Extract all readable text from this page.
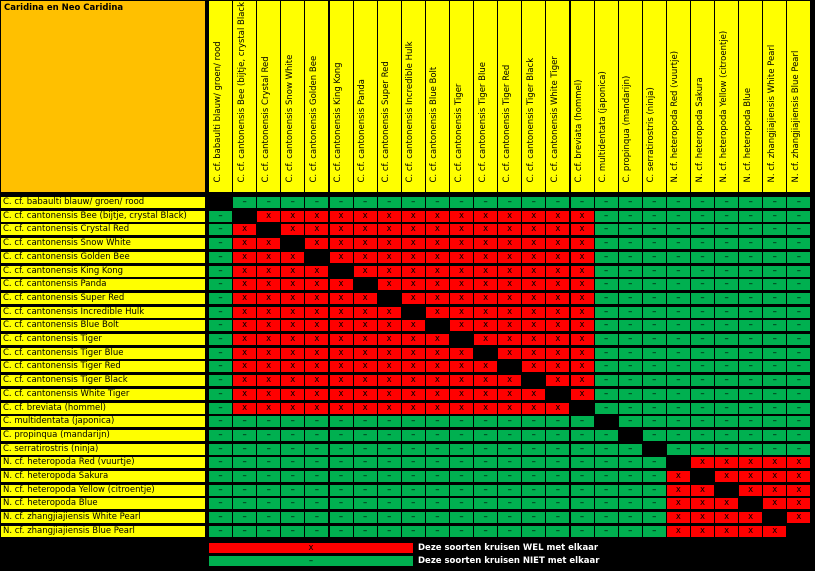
Caridina en Neo Caridina
C. cf. babaulti blauw/ groen/ rood C. cf. cantonensis Bee (bijtje, crystal Black C. cf. cantonensis Crystal Red C. cf. cantonensis Snow White C. cf. cantonensis Golden Bee C. cf. cantonensis King Kong C. cf. cantonensis Panda C. cf. cantonensis Super Red C. cf. cantonensis Incredible Hulk C. cf. cantonensis Blue Bolt C. cf. cantonensis Tiger C. cf. cantonensis Tiger Blue C. cf. cantonensis Tiger Red C. cf. cantonensis Tiger Black C. cf. cantonensis White Tiger C. cf. breviata (hommel) C. multidentata (japonica) C. propinqua (mandarijn) C. serratirostris (ninja) N. cf. heteropoda Red (vuurtje) N. cf. heteropoda Sakura N. cf. heteropoda Yellow (citroentje) N. cf. heteropoda Blue N. cf. zhangjiajiensis White Pearl N. cf. zhangjiajiensis Blue Pearl
C. cf. babaulti blauw/ groen/ rood	–	–	–	–	–	–	–	–	–	–	–	–	–	–	–	–	–	–	–	–	–	–	–	–
C. cf. cantonensis Bee (bijtje, crystal Black)	–	x	x	x	x	x	x	x	x	x	x	x	x	x	x	–	–	–	–	–	–	–	–	–
C. cf. cantonensis Crystal Red	–	x	x	x	x	x	x	x	x	x	x	x	x	x	x	–	–	–	–	–	–	–	–	–
C. cf. cantonensis Snow White	–	x	x	x	x	x	x	x	x	x	x	x	x	x	x	–	–	–	–	–	–	–	–	–
C. cf. cantonensis Golden Bee	–	x	x	x	x	x	x	x	x	x	x	x	x	x	x	–	–	–	–	–	–	–	–	–
C. cf. cantonensis King Kong	–	x	x	x	x	x	x	x	x	x	x	x	x	x	x	–	–	–	–	–	–	–	–	–
C. cf. cantonensis Panda	–	x	x	x	x	x	x	x	x	x	x	x	x	x	x	–	–	–	–	–	–	–	–	–
C. cf. cantonensis Super Red	–	x	x	x	x	x	x	x	x	x	x	x	x	x	x	–	–	–	–	–	–	–	–	–
C. cf. cantonensis Incredible Hulk	–	x	x	x	x	x	x	x	x	x	x	x	x	x	x	–	–	–	–	–	–	–	–	–
C. cf. cantonensis Blue Bolt	–	x	x	x	x	x	x	x	x	x	x	x	x	x	x	–	–	–	–	–	–	–	–	–
C. cf. cantonensis Tiger	–	x	x	x	x	x	x	x	x	x	x	x	x	x	x	–	–	–	–	–	–	–	–	–
C. cf. cantonensis Tiger Blue	–	x	x	x	x	x	x	x	x	x	x	x	x	x	x	–	–	–	–	–	–	–	–	–
C. cf. cantonensis Tiger Red	–	x	x	x	x	x	x	x	x	x	x	x	x	x	x	–	–	–	–	–	–	–	–	–
C. cf. cantonensis Tiger Black	–	x	x	x	x	x	x	x	x	x	x	x	x	x	x	–	–	–	–	–	–	–	–	–
C. cf. cantonensis White Tiger	–	x	x	x	x	x	x	x	x	x	x	x	x	x	x	–	–	–	–	–	–	–	–	–
C. cf. breviata (hommel)	–	x	x	x	x	x	x	x	x	x	x	x	x	x	x	–	–	–	–	–	–	–	–	–
C. multidentata (japonica)	–	–	–	–	–	–	–	–	–	–	–	–	–	–	–	–	–	–	–	–	–	–	–	–
C. propinqua (mandarijn)	–	–	–	–	–	–	–	–	–	–	–	–	–	–	–	–	–	–	–	–	–	–	–	–
C. serratirostris (ninja)	–	–	–	–	–	–	–	–	–	–	–	–	–	–	–	–	–	–	–	–	–	–	–	–
N. cf. heteropoda Red (vuurtje)	–	–	–	–	–	–	–	–	–	–	–	–	–	–	–	–	–	–	–	x	x	x	x	x
N. cf. heteropoda Sakura	–	–	–	–	–	–	–	–	–	–	–	–	–	–	–	–	–	–	–	x	x	x	x	x
N. cf. heteropoda Yellow (citroentje)	–	–	–	–	–	–	–	–	–	–	–	–	–	–	–	–	–	–	–	x	x	x	x	x
N. cf. heteropoda Blue	–	–	–	–	–	–	–	–	–	–	–	–	–	–	–	–	–	–	–	x	x	x	x	x
N. cf. zhangjiajiensis White Pearl	–	–	–	–	–	–	–	–	–	–	–	–	–	–	–	–	–	–	–	x	x	x	x	x
N. cf. zhangjiajiensis Blue Pearl	–	–	–	–	–	–	–	–	–	–	–	–	–	–	–	–	–	–	–	x	x	x	x	x
x	Deze soorten kruisen WEL met elkaar
–	Deze soorten kruisen NIET met elkaar
